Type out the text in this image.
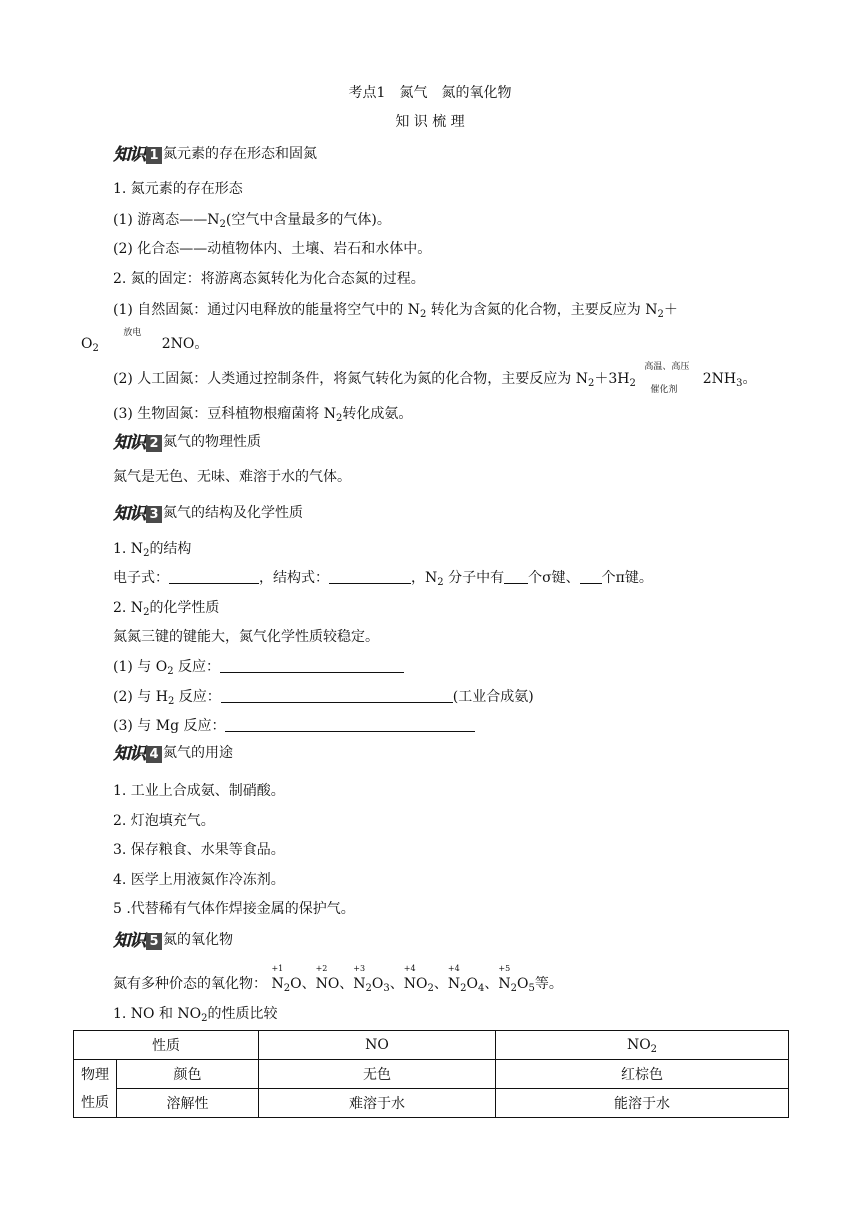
考点1　氮气　氮的氧化物
知 识 梳 理
知识 1 氮元素的存在形态和固氮
1. 氮元素的存在形态
(1) 游离态$——N_2$(空气中含量最多的气体)。
(2) 化合态——动植物体内、土壤、岩石和水体中。
2. 氮的固定：将游离态氮转化为化合态氮的过程。
(1) 自然固氮：通过闪电释放的能量将空气中的 $N_2$ 转化为含氮的化合物，主要反应为 $N_2+$
$O_2$
放电
2NO。
(2) 人工固氮：人类通过控制条件，将氮气转化为氮的化合物，主要反应为 $N_2+3H_2$
高温、高压
催化剂
$2NH_3$。
(3) 生物固氮：豆科植物根瘤菌将 $N_2$转化成氨。
知识 2 氮气的物理性质
氮气是无色、无味、难溶于水的气体。
知识 3 氮气的结构及化学性质
1. $N_2$的结构
电子式：	，结构式：	，$N_2$ 分子中有 个σ键、 个π键。
2. $N_2$的化学性质
氮氮三键的键能大，氮气化学性质较稳定。
(1) 与 $O_2$ 反应：
(2) 与 $H_2$ 反应：	(工业合成氨)
(3) 与 Mg 反应：
知识 4 氮气的用途
1. 工业上合成氨、制硝酸。
2. 灯泡填充气。
3. 保存粮食、水果等食品。
4. 医学上用液氮作冷冻剂。
5 .代替稀有气体作焊接金属的保护气。
知识 5 氮的氧化物
氮有多种价态的氧化物：
+1
$N_2O$、
+2
NO、
+3
$N_2O_3$、
+4
$NO_2$、
+4
$N_2O_4$、
+5
$N_2O_5$等。
1. NO 和 $NO_2$的性质比较
性质		NO	$NO_2$
物理
性质	颜色	无色	红棕色
	溶解性	难溶于水	能溶于水
